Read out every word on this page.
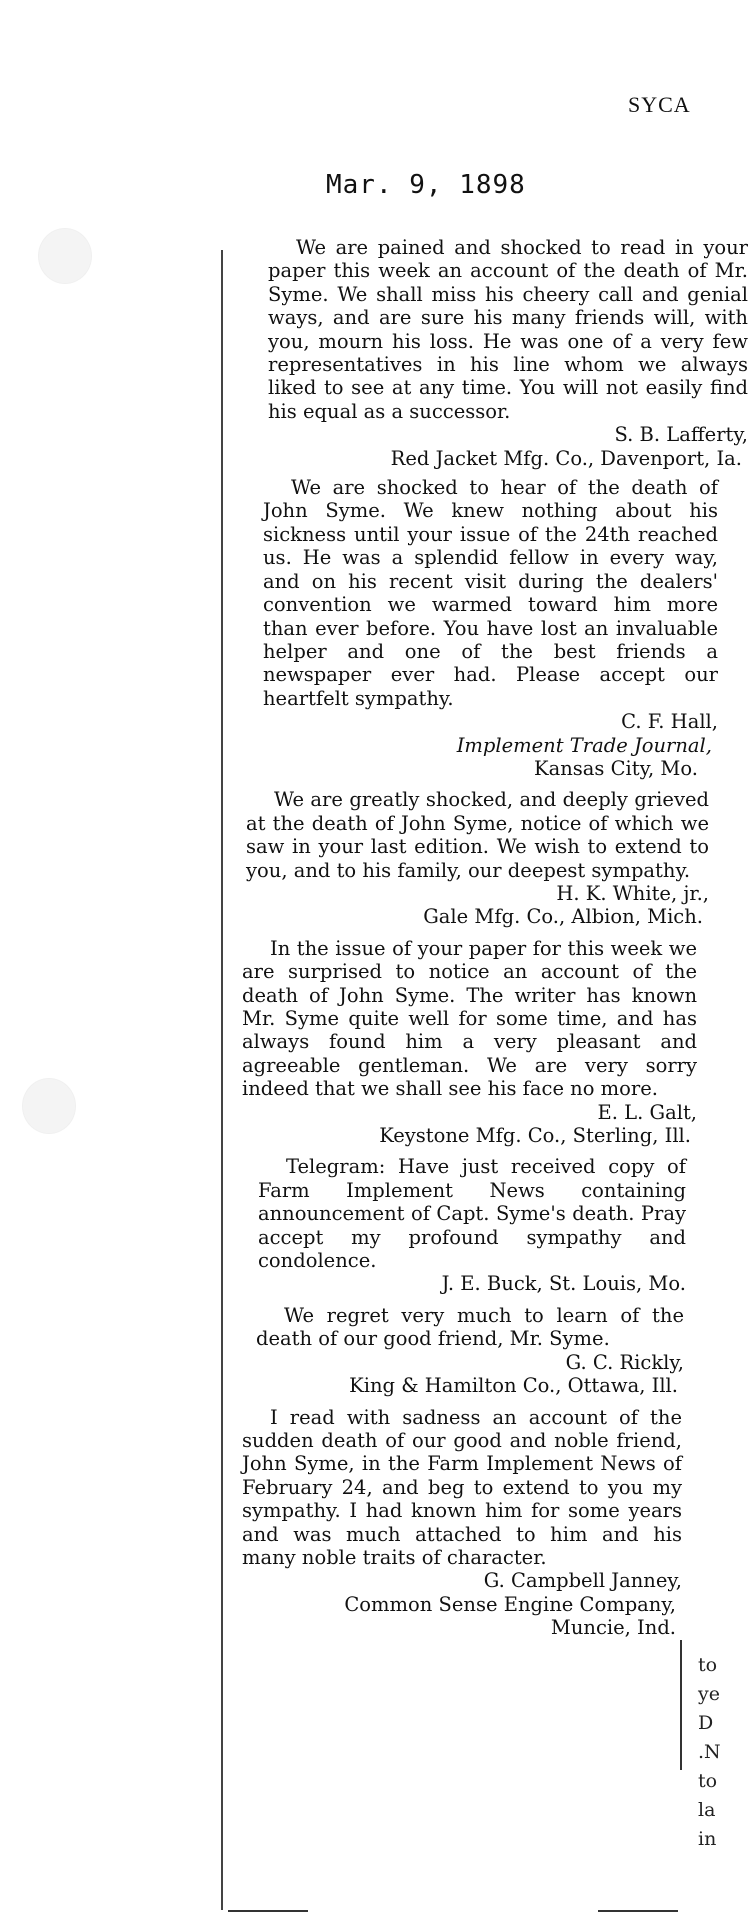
SYCA
Mar. 9, 1898

We are pained and shocked to read in your paper this week an account of the death of Mr. Syme. We shall miss his cheery call and genial ways, and are sure his many friends will, with you, mourn his loss. He was one of a very few representatives in his line whom we always liked to see at any time. You will not easily find his equal as a successor.

S. B. Lafferty,

Red Jacket Mfg. Co., Davenport, Ia.

We are shocked to hear of the death of John Syme. We knew nothing about his sickness until your issue of the 24th reached us. He was a splendid fellow in every way, and on his recent visit during the dealers' convention we warmed toward him more than ever before. You have lost an invaluable helper and one of the best friends a newspaper ever had. Please accept our heartfelt sympathy.

C. F. Hall,

Implement Trade Journal,

Kansas City, Mo.

We are greatly shocked, and deeply grieved at the death of John Syme, notice of which we saw in your last edition. We wish to extend to you, and to his family, our deepest sympathy.

H. K. White, jr.,

Gale Mfg. Co., Albion, Mich.

In the issue of your paper for this week we are surprised to notice an account of the death of John Syme. The writer has known Mr. Syme quite well for some time, and has always found him a very pleasant and agreeable gentleman. We are very sorry indeed that we shall see his face no more.

E. L. Galt,

Keystone Mfg. Co., Sterling, Ill.

Telegram: Have just received copy of Farm Implement News containing announcement of Capt. Syme's death. Pray accept my profound sympathy and condolence.

J. E. Buck, St. Louis, Mo.

We regret very much to learn of the death of our good friend, Mr. Syme.

G. C. Rickly,

King & Hamilton Co., Ottawa, Ill.

I read with sadness an account of the sudden death of our good and noble friend, John Syme, in the Farm Implement News of February 24, and beg to extend to you my sympathy. I had known him for some years and was much attached to him and his many noble traits of character.

G. Campbell Janney,

Common Sense Engine Company, Muncie, Ind.

to
ye
D
.N
to
la
in
